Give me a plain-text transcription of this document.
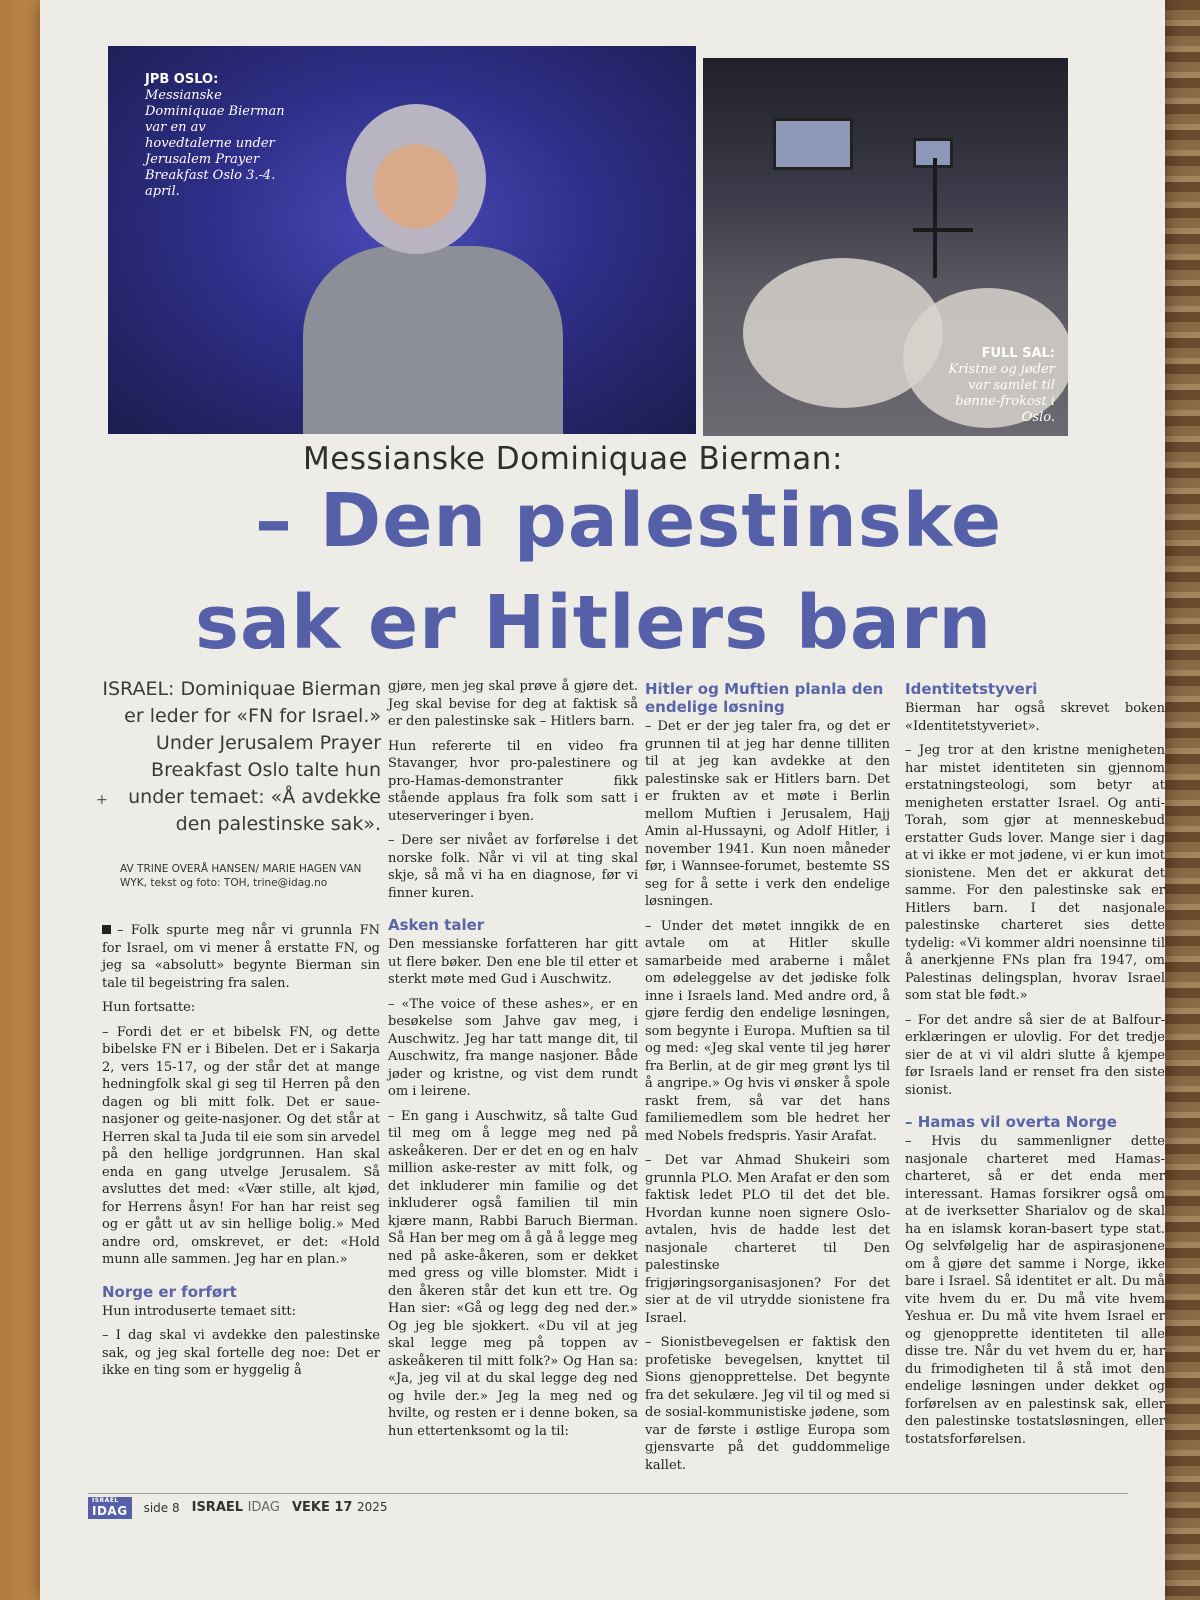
JPB OSLO: Messianske Dominiquae Bierman var en av hovedtalerne under Jerusalem Prayer Breakfast Oslo 3.-4. april.
FULL SAL: Kristne og jøder var samlet til bønne-frokost i Oslo.
Messianske Dominiquae Bierman:
– Den palestinske
sak er Hitlers barn
+
ISRAEL: Dominiquae Bierman er leder for «FN for Israel.» Under Jerusalem Prayer Breakfast Oslo talte hun under temaet: «Å avdekke den palestinske sak».
AV TRINE OVERÅ HANSEN/ MARIE HAGEN VAN WYK, tekst og foto: TOH, trine@idag.no

– Folk spurte meg når vi grunnla FN for Israel, om vi mener å erstatte FN, og jeg sa «absolutt» begynte Bierman sin tale til begeistring fra salen.

Hun fortsatte:

– Fordi det er et bibelsk FN, og dette bibelske FN er i Bibelen. Det er i Sakarja 2, vers 15-17, og der står det at mange hedningfolk skal gi seg til Herren på den dagen og bli mitt folk. Det er saue-nasjoner og geite-nasjoner. Og det står at Herren skal ta Juda til eie som sin arvedel på den hellige jordgrunnen. Han skal enda en gang utvelge Jerusalem. Så avsluttes det med: «Vær stille, alt kjød, for Herrens åsyn! For han har reist seg og er gått ut av sin hellige bolig.» Med andre ord, omskrevet, er det: «Hold munn alle sammen. Jeg har en plan.»

Norge er forført

Hun introduserte temaet sitt:

– I dag skal vi avdekke den palestinske sak, og jeg skal fortelle deg noe: Det er ikke en ting som er hyggelig å

gjøre, men jeg skal prøve å gjøre det. Jeg skal bevise for deg at faktisk så er den palestinske sak – Hitlers barn.

Hun refererte til en video fra Stavanger, hvor pro-palestinere og pro-Hamas-demonstranter fikk stående applaus fra folk som satt i uteserveringer i byen.

– Dere ser nivået av forførelse i det norske folk. Når vi vil at ting skal skje, så må vi ha en diagnose, før vi finner kuren.

Asken taler

Den messianske forfatteren har gitt ut flere bøker. Den ene ble til etter et sterkt møte med Gud i Auschwitz.

– «The voice of these ashes», er en besøkelse som Jahve gav meg, i Auschwitz. Jeg har tatt mange dit, til Auschwitz, fra mange nasjoner. Både jøder og kristne, og vist dem rundt om i leirene.

– En gang i Auschwitz, så talte Gud til meg om å legge meg ned på askeåkeren. Der er det en og en halv million aske-rester av mitt folk, og det inkluderer min familie og det inkluderer også familien til min kjære mann, Rabbi Baruch Bierman. Så Han ber meg om å gå å legge meg ned på aske-åkeren, som er dekket med gress og ville blomster. Midt i den åkeren står det kun ett tre. Og Han sier: «Gå og legg deg ned der.» Og jeg ble sjokkert. «Du vil at jeg skal legge meg på toppen av askeåkeren til mitt folk?» Og Han sa: «Ja, jeg vil at du skal legge deg ned og hvile der.» Jeg la meg ned og hvilte, og resten er i denne boken, sa hun ettertenksomt og la til:

Hitler og Muftien planla den endelige løsning

– Det er der jeg taler fra, og det er grunnen til at jeg har denne tilliten til at jeg kan avdekke at den palestinske sak er Hitlers barn. Det er frukten av et møte i Berlin mellom Muftien i Jerusalem, Hajj Amin al-Hussayni, og Adolf Hitler, i november 1941. Kun noen måneder før, i Wannsee-forumet, bestemte SS seg for å sette i verk den endelige løsningen.

– Under det møtet inngikk de en avtale om at Hitler skulle samarbeide med araberne i målet om ødeleggelse av det jødiske folk inne i Israels land. Med andre ord, å gjøre ferdig den endelige løsningen, som begynte i Europa. Muftien sa til og med: «Jeg skal vente til jeg hører fra Berlin, at de gir meg grønt lys til å angripe.» Og hvis vi ønsker å spole raskt frem, så var det hans familiemedlem som ble hedret her med Nobels fredspris. Yasir Arafat.

– Det var Ahmad Shukeiri som grunnla PLO. Men Arafat er den som faktisk ledet PLO til det det ble. Hvordan kunne noen signere Oslo-avtalen, hvis de hadde lest det nasjonale charteret til Den palestinske frigjøringsorganisasjonen? For det sier at de vil utrydde sionistene fra Israel.

– Sionistbevegelsen er faktisk den profetiske bevegelsen, knyttet til Sions gjenopprettelse. Det begynte fra det sekulære. Jeg vil til og med si de sosial-kommunistiske jødene, som var de første i østlige Europa som gjensvarte på det guddommelige kallet.

Identitetstyveri

Bierman har også skrevet boken «Identitetstyveriet».

– Jeg tror at den kristne menigheten har mistet identiteten sin gjennom erstatningsteologi, som betyr at menigheten erstatter Israel. Og anti-Torah, som gjør at menneskebud erstatter Guds lover. Mange sier i dag at vi ikke er mot jødene, vi er kun imot sionistene. Men det er akkurat det samme. For den palestinske sak er Hitlers barn. I det nasjonale palestinske charteret sies dette tydelig: «Vi kommer aldri noensinne til å anerkjenne FNs plan fra 1947, om Palestinas delingsplan, hvorav Israel som stat ble født.»

– For det andre så sier de at Balfour-erklæringen er ulovlig. For det tredje sier de at vi vil aldri slutte å kjempe før Israels land er renset fra den siste sionist.

– Hamas vil overta Norge

– Hvis du sammenligner dette nasjonale charteret med Hamas-charteret, så er det enda mer interessant. Hamas forsikrer også om at de iverksetter Sharialov og de skal ha en islamsk koran-basert type stat. Og selvfølgelig har de aspirasjonene om å gjøre det samme i Norge, ikke bare i Israel. Så identitet er alt. Du må vite hvem du er. Du må vite hvem Yeshua er. Du må vite hvem Israel er og gjenopprette identiteten til alle disse tre. Når du vet hvem du er, har du frimodigheten til å stå imot den endelige løsningen under dekket og forførelsen av en palestinsk sak, eller den palestinske tostatsløsningen, eller tostatsforførelsen.

ISRAEL
IDAG	side 8 ISRAEL IDAG VEKE 17 2025
